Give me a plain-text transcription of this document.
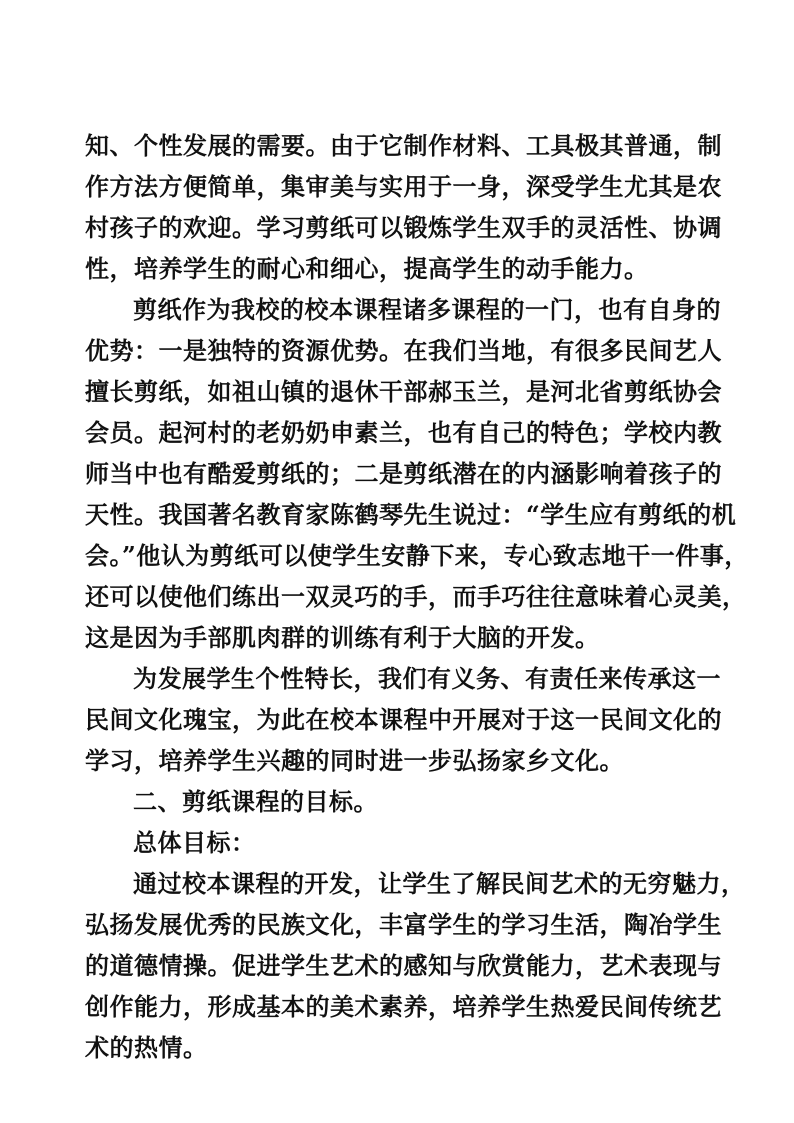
知、个性发展的需要。由于它制作材料、工具极其普通，制
作方法方便简单，集审美与实用于一身，深受学生尤其是农
村孩子的欢迎。学习剪纸可以锻炼学生双手的灵活性、协调
性，培养学生的耐心和细心，提高学生的动手能力。
剪纸作为我校的校本课程诸多课程的一门，也有自身的
优势：一是独特的资源优势。在我们当地，有很多民间艺人
擅长剪纸，如祖山镇的退休干部郝玉兰，是河北省剪纸协会
会员。起河村的老奶奶申素兰，也有自己的特色；学校内教
师当中也有酷爱剪纸的；二是剪纸潜在的内涵影响着孩子的
天性。我国著名教育家陈鹤琴先生说过：“学生应有剪纸的机
会。”他认为剪纸可以使学生安静下来，专心致志地干一件事，
还可以使他们练出一双灵巧的手，而手巧往往意味着心灵美，
这是因为手部肌肉群的训练有利于大脑的开发。
为发展学生个性特长，我们有义务、有责任来传承这一
民间文化瑰宝，为此在校本课程中开展对于这一民间文化的
学习，培养学生兴趣的同时进一步弘扬家乡文化。
二、剪纸课程的目标。
总体目标：
通过校本课程的开发，让学生了解民间艺术的无穷魅力，
弘扬发展优秀的民族文化，丰富学生的学习生活，陶冶学生
的道德情操。促进学生艺术的感知与欣赏能力，艺术表现与
创作能力，形成基本的美术素养，培养学生热爱民间传统艺
术的热情。
